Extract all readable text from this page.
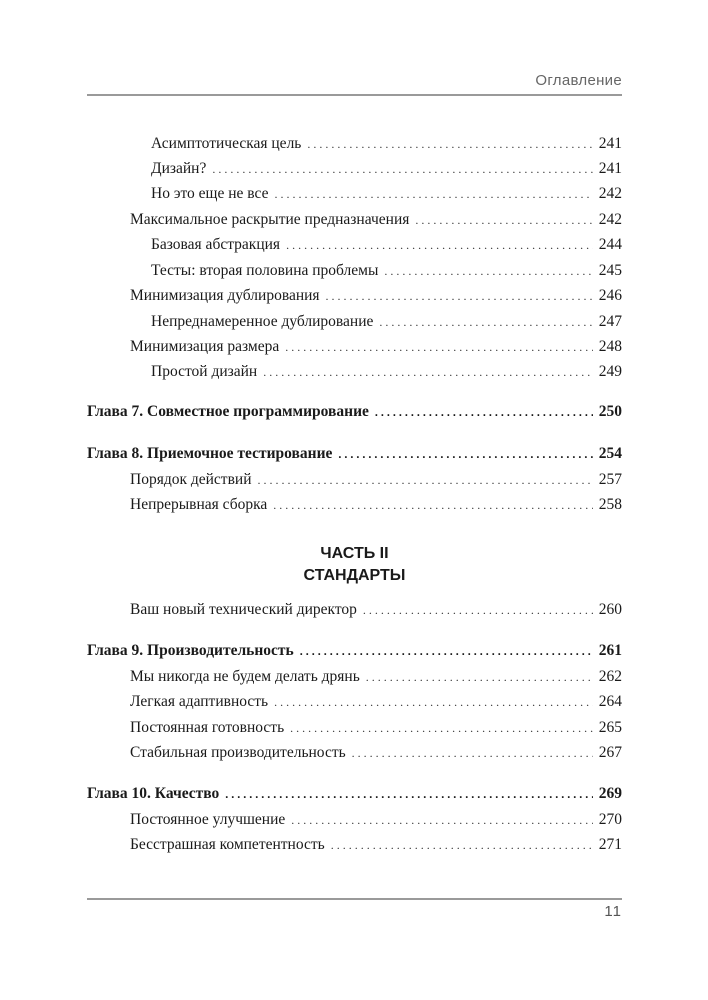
Оглавление
Асимптотическая цель . . .	241
Дизайн? . . .	241
Но это еще не все . . .	242
Максимальное раскрытие предназначения . . .	242
Базовая абстракция . . .	244
Тесты: вторая половина проблемы . . .	245
Минимизация дублирования . . .	246
Непреднамеренное дублирование . . .	247
Минимизация размера . . .	248
Простой дизайн . . .	249
Глава 7. Совместное программирование . . .	250
Глава 8. Приемочное тестирование . . .	254
Порядок действий . . .	257
Непрерывная сборка . . .	258
ЧАСТЬ II
СТАНДАРТЫ
Ваш новый технический директор . . .	260
Глава 9. Производительность . . .	261
Мы никогда не будем делать дрянь . . .	262
Легкая адаптивность . . .	264
Постоянная готовность . . .	265
Стабильная производительность . . .	267
Глава 10. Качество . . .	269
Постоянное улучшение . . .	270
Бесстрашная компетентность . . .	271
11
